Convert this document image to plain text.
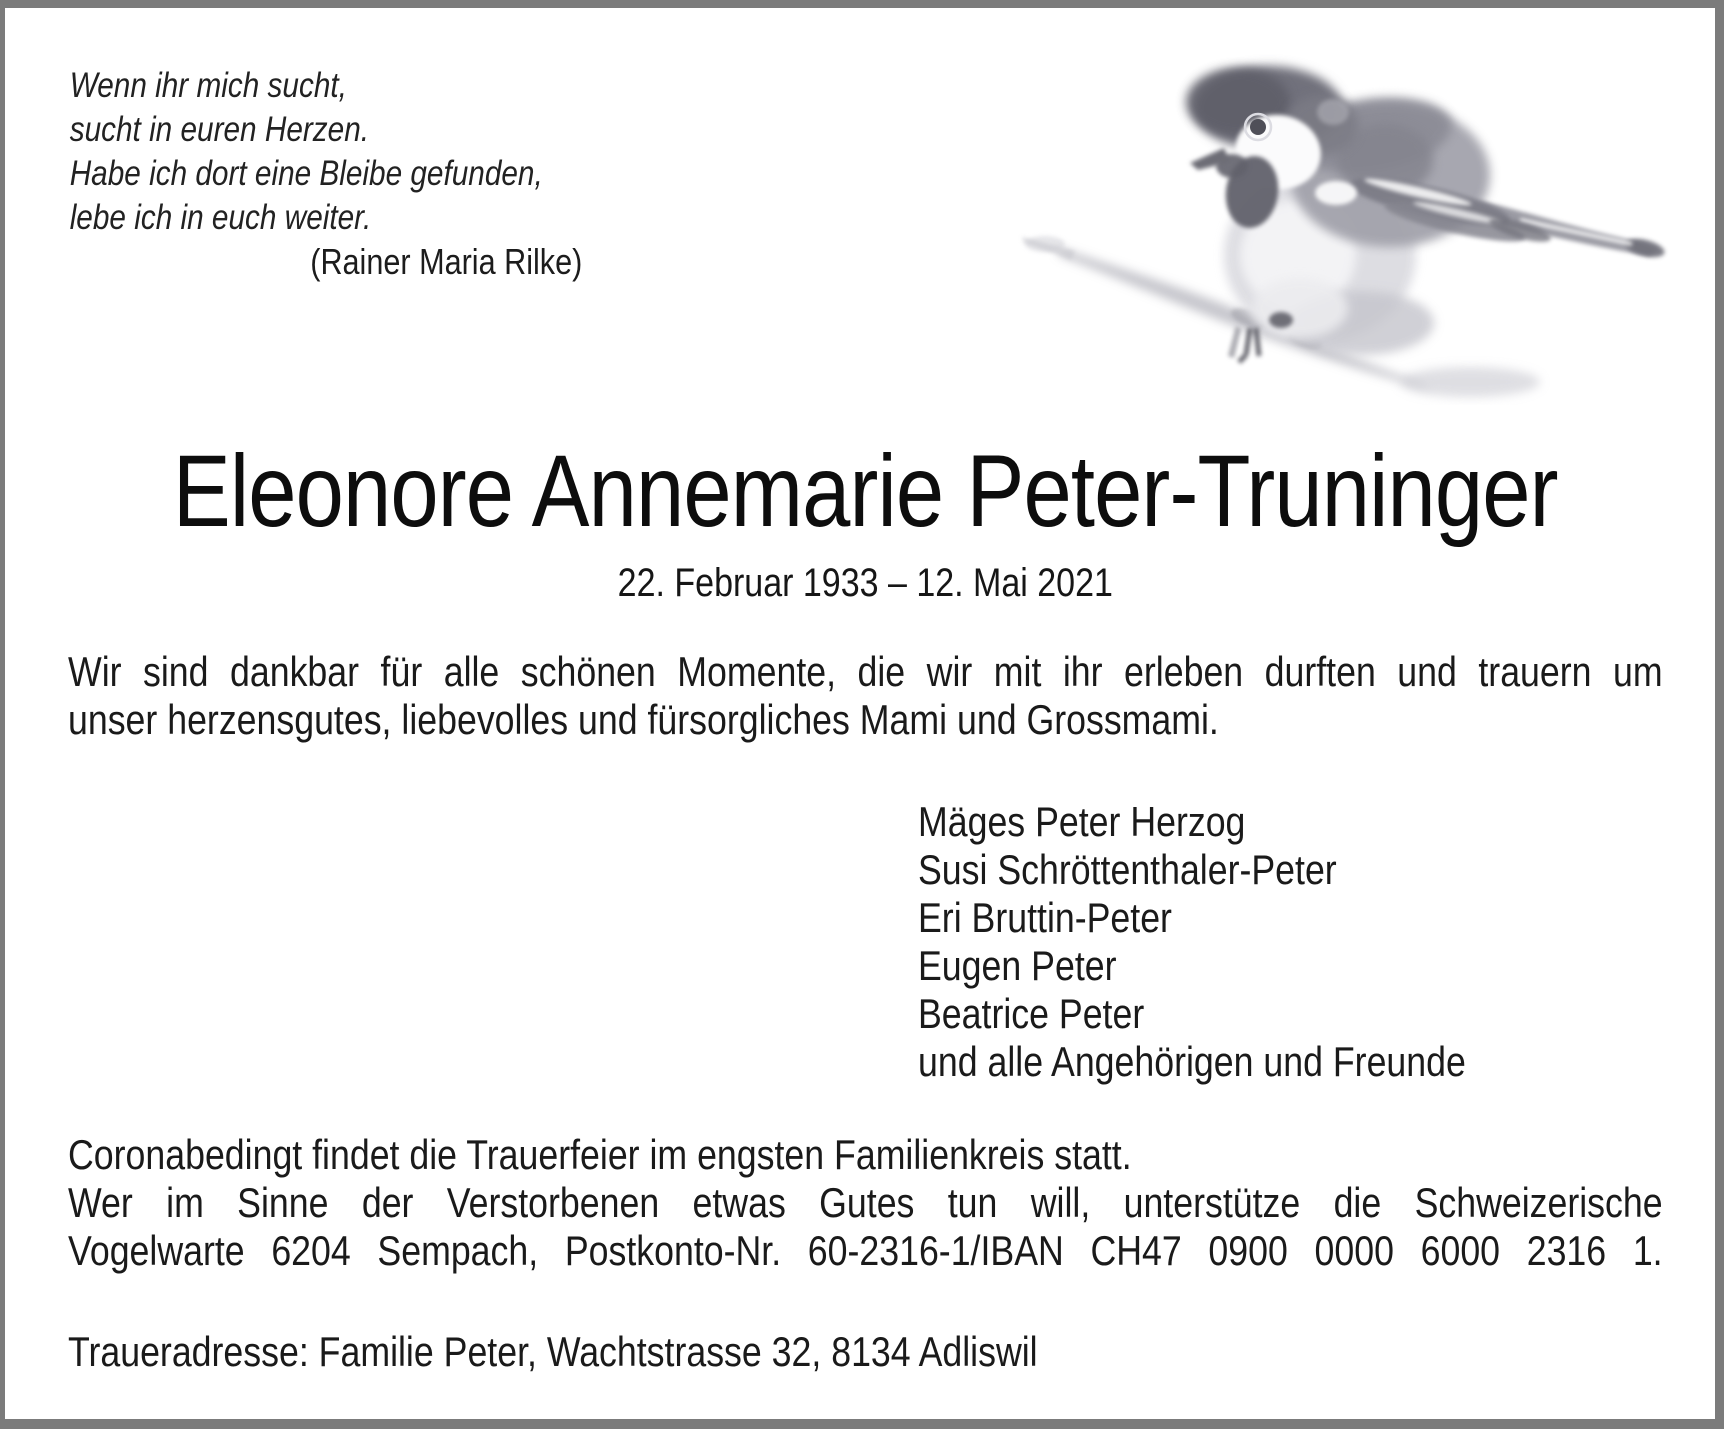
Wenn ihr mich sucht,
sucht in euren Herzen.
Habe ich dort eine Bleibe gefunden,
lebe ich in euch weiter.
(Rainer Maria Rilke)
Eleonore Annemarie Peter-Truninger
22. Februar 1933 – 12. Mai 2021

Wir sind dankbar für alle schönen Momente, die wir mit ihr erleben durften und trauern um
unser herzensgutes, liebevolles und fürsorgliches Mami und Grossmami.

Mäges Peter Herzog
Susi Schröttenthaler-Peter
Eri Bruttin-Peter
Eugen Peter
Beatrice Peter
und alle Angehörigen und Freunde
Coronabedingt findet die Trauerfeier im engsten Familienkreis statt.
Wer im Sinne der Verstorbenen etwas Gutes tun will, unterstütze die Schweizerische
Vogelwarte 6204 Sempach, Postkonto-Nr. 60-2316-1/IBAN CH47 0900 0000 6000 2316 1.
Traueradresse: Familie Peter, Wachtstrasse 32, 8134 Adliswil
